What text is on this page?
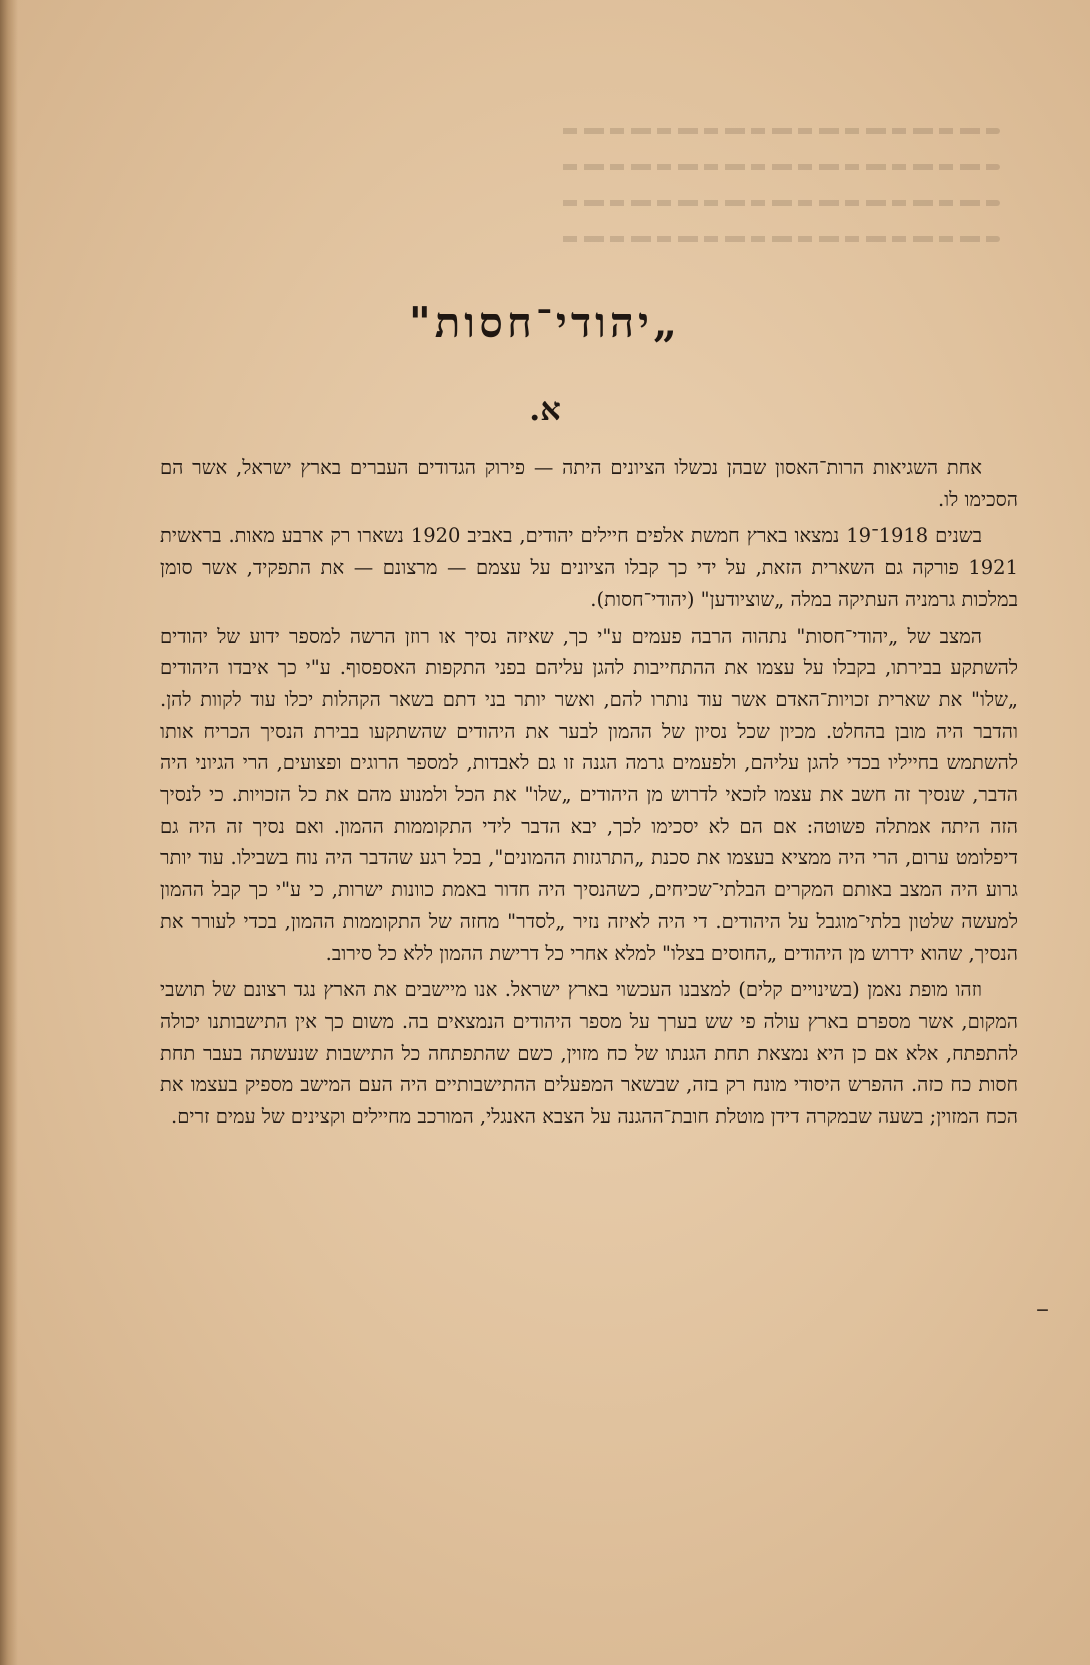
„יהודי־חסות"
א.

אחת השגיאות הרות־האסון שבהן נכשלו הציונים היתה — פירוק הגדודים העברים בארץ ישראל, אשר הם הסכימו לו.

בשנים 1918־19 נמצאו בארץ חמשת אלפים חיילים יהודים, באביב 1920 נשארו רק ארבע מאות. בראשית 1921 פורקה גם השארית הזאת, על ידי כך קבלו הציונים על עצמם — מרצונם — את התפקיד, אשר סומן במלכות גרמניה העתיקה במלה „שוציודען" (יהודי־חסות).

המצב של „יהודי־חסות" נתהוה הרבה פעמים ע"י כך, שאיזה נסיך או רוזן הרשה למספר ידוע של יהודים להשתקע בבירתו, בקבלו על עצמו את ההתחייבות להגן עליהם בפני התקפות האספסוף. ע"י כך איבדו היהודים „שלו" את שארית זכויות־האדם אשר עוד נותרו להם, ואשר יותר בני דתם בשאר הקהלות יכלו עוד לקוות להן. והדבר היה מובן בהחלט. מכיון שכל נסיון של ההמון לבער את היהודים שהשתקעו בבירת הנסיך הכריח אותו להשתמש בחייליו בכדי להגן עליהם, ולפעמים גרמה הגנה זו גם לאבדות, למספר הרוגים ופצועים, הרי הגיוני היה הדבר, שנסיך זה חשב את עצמו לזכאי לדרוש מן היהודים „שלו" את הכל ולמנוע מהם את כל הזכויות. כי לנסיך הזה היתה אמתלה פשוטה: אם הם לא יסכימו לכך, יבא הדבר לידי התקוממות ההמון. ואם נסיך זה היה גם דיפלומט ערום, הרי היה ממציא בעצמו את סכנת „התרגזות ההמונים", בכל רגע שהדבר היה נוח בשבילו. עוד יותר גרוע היה המצב באותם המקרים הבלתי־שכיחים, כשהנסיך היה חדור באמת כוונות ישרות, כי ע"י כך קבל ההמון למעשה שלטון בלתי־מוגבל על היהודים. די היה לאיזה נזיר „לסדר" מחזה של התקוממות ההמון, בכדי לעורר את הנסיך, שהוא ידרוש מן היהודים „החוסים בצלו" למלא אחרי כל דרישת ההמון ללא כל סירוב.

וזהו מופת נאמן (בשינויים קלים) למצבנו העכשוי בארץ ישראל. אנו מיישבים את הארץ נגד רצונם של תושבי המקום, אשר מספרם בארץ עולה פי שש בערך על מספר היהודים הנמצאים בה. משום כך אין התישבותנו יכולה להתפתח, אלא אם כן היא נמצאת תחת הגנתו של כח מזוין, כשם שהתפתחה כל התישבות שנעשתה בעבר תחת חסות כח כזה. ההפרש היסודי מונח רק בזה, שבשאר המפעלים ההתישבותיים היה העם המישב מספיק בעצמו את הכח המזוין; בשעה שבמקרה דידן מוטלת חובת־ההגנה על הצבא האנגלי, המורכב מחיילים וקצינים של עמים זרים.

–
